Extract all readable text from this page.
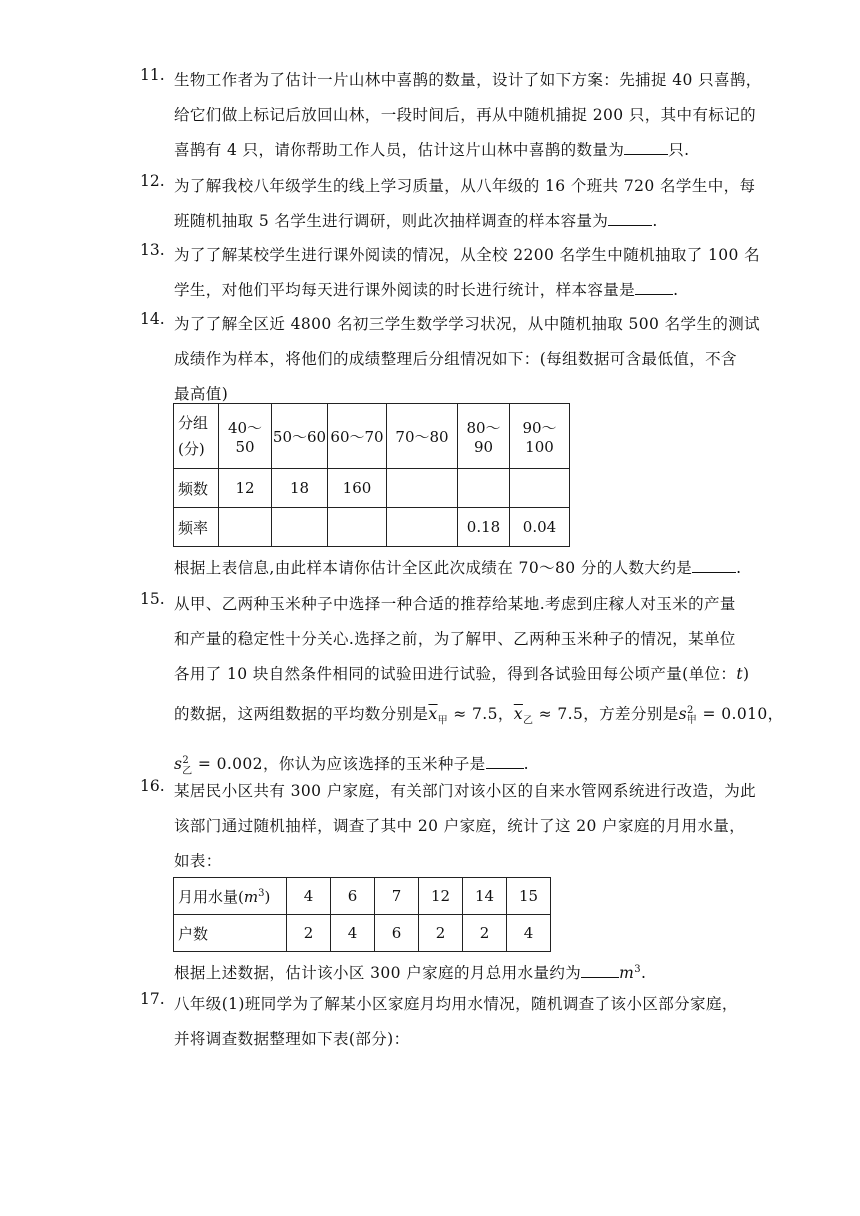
11. 生物工作者为了估计一片山林中喜鹊的数量，设计了如下方案：先捕捉 40 只喜鹊，
给它们做上标记后放回山林，一段时间后，再从中随机捕捉 200 只，其中有标记的
喜鹊有 4 只，请你帮助工作人员，估计这片山林中喜鹊的数量为	只.
12. 为了解我校八年级学生的线上学习质量，从八年级的 16 个班共 720 名学生中，每
班随机抽取 5 名学生进行调研，则此次抽样调查的样本容量为	.
13. 为了了解某校学生进行课外阅读的情况，从全校 2200 名学生中随机抽取了 100 名
学生，对他们平均每天进行课外阅读的时长进行统计，样本容量是 .
14. 为了了解全区近 4800 名初三学生数学学习状况，从中随机抽取 500 名学生的测试
成绩作为样本，将他们的成绩整理后分组情况如下：(每组数据可含最低值，不含
最高值)
分组
(分)	40～50	50～60	60～70	70～80	80～90	90～100
频数	12	18	160			
频率					0.18	0.04
根据上表信息,由此样本请你估计全区此次成绩在 70～80 分的人数大约是	.
15. 从甲、乙两种玉米种子中选择一种合适的推荐给某地.考虑到庄稼人对玉米的产量
和产量的稳定性十分关心.选择之前，为了解甲、乙两种玉米种子的情况，某单位
各用了 10 块自然条件相同的试验田进行试验，得到各试验田每公顷产量(单位：t)
的数据，这两组数据的平均数分别是$\overline{x}_甲 \approx 7.5$，$\overline{x}_乙 \approx 7.5$，方差分别是$s^2_甲 = 0.010$，
$s^2_乙 = 0.002$，你认为应该选择的玉米种子是 .
16. 某居民小区共有 300 户家庭，有关部门对该小区的自来水管网系统进行改造，为此
该部门通过随机抽样，调查了其中 20 户家庭，统计了这 20 户家庭的月用水量，
如表：
月用水量$(m^3)$	4	6	7	12	14	15
户数	2	4	6	2	2	4
根据上述数据，估计该小区 300 户家庭的月总用水量约为 $m^3$.
17. 八年级(1)班同学为了解某小区家庭月均用水情况，随机调查了该小区部分家庭，
并将调查数据整理如下表(部分)：
